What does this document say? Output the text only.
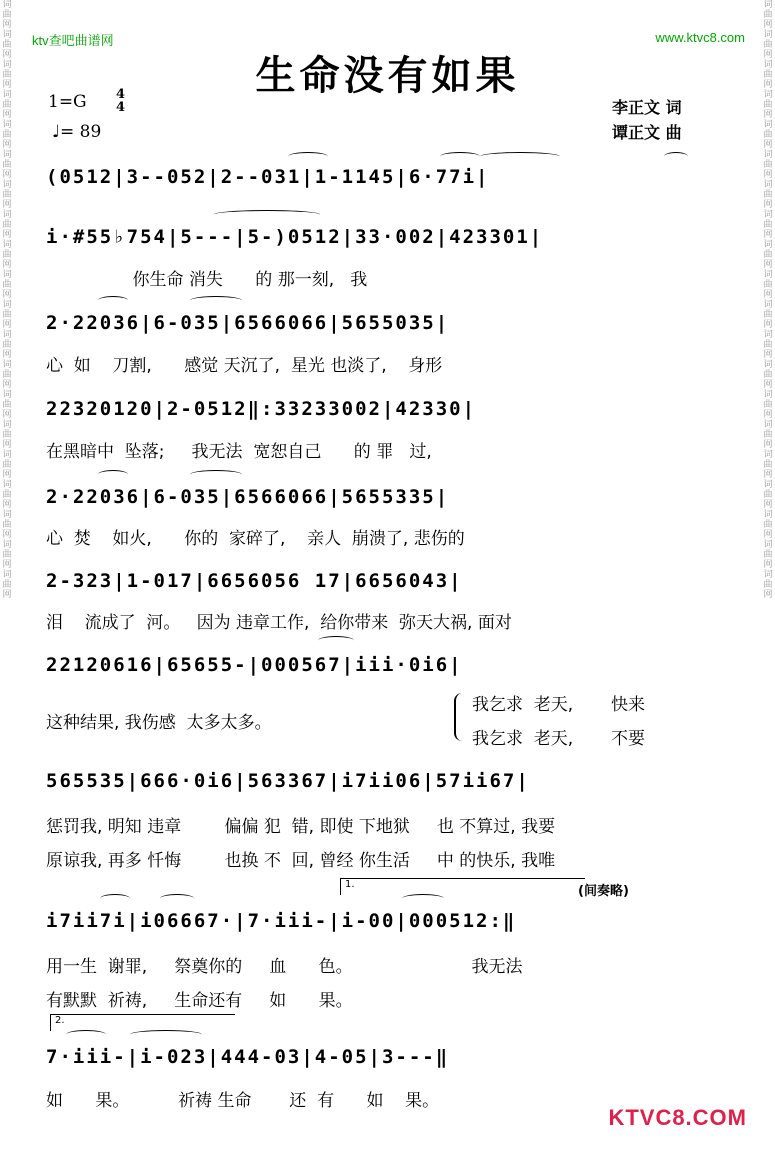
词曲网词曲网词曲网词曲网词曲网词曲网词曲网词曲网词曲网词曲网词曲网词曲网词曲网词曲网词曲网词曲网词曲网词曲网词曲网词曲网
词曲网词曲网词曲网词曲网词曲网词曲网词曲网词曲网词曲网词曲网词曲网词曲网词曲网词曲网词曲网词曲网词曲网词曲网词曲网词曲网
ktv查吧曲谱网	www.ktvc8.com
生命没有如果
1=G 4
4
♩= 89
李正文 词
谭正文 曲
(0512|3--052|2--031|1-1145|6·77i|
i·#55♭754|5---|5-)0512|33·002|423301|
2·22036|6-035|6566066|5655035|
22320120|2-0512‖:33233002|42330|
2·22036|6-035|6566066|5655335|
2-323|1-017|6656056 17|6656043|
22120616|65655-|000567|iii·0i6|
565535|666·0i6|563367|i7ii06|57ii67|
i7ii7i|i06667·|7·iii-|i-00|000512:‖
7·iii-|i-023|444-03|4-05|3---‖
你生命 消失      的 那一刻,   我
心  如    刀割,      感觉 天沉了,  星光 也淡了,    身形
在黑暗中  坠落;     我无法  宽恕自己      的 罪   过,
心  焚    如火,      你的  家碎了,    亲人  崩溃了, 悲伤的
泪    流成了  河。   因为 违章工作,  给你带来  弥天大祸, 面对
这种结果, 我伤感  太多太多。
我乞求  老天,       快来
我乞求  老天,       不要
惩罚我, 明知 违章        偏偏 犯  错, 即使 下地狱     也 不算过, 我要
原谅我, 再多 忏悔        也换 不  回, 曾经 你生活     中 的快乐, 我唯
用一生  谢罪,     祭奠你的     血      色。                      我无法
有默默  祈祷,     生命还有     如      果。
如      果。         祈祷 生命       还  有      如    果。
1.	(间奏略)
2.
KTVC8.COM
